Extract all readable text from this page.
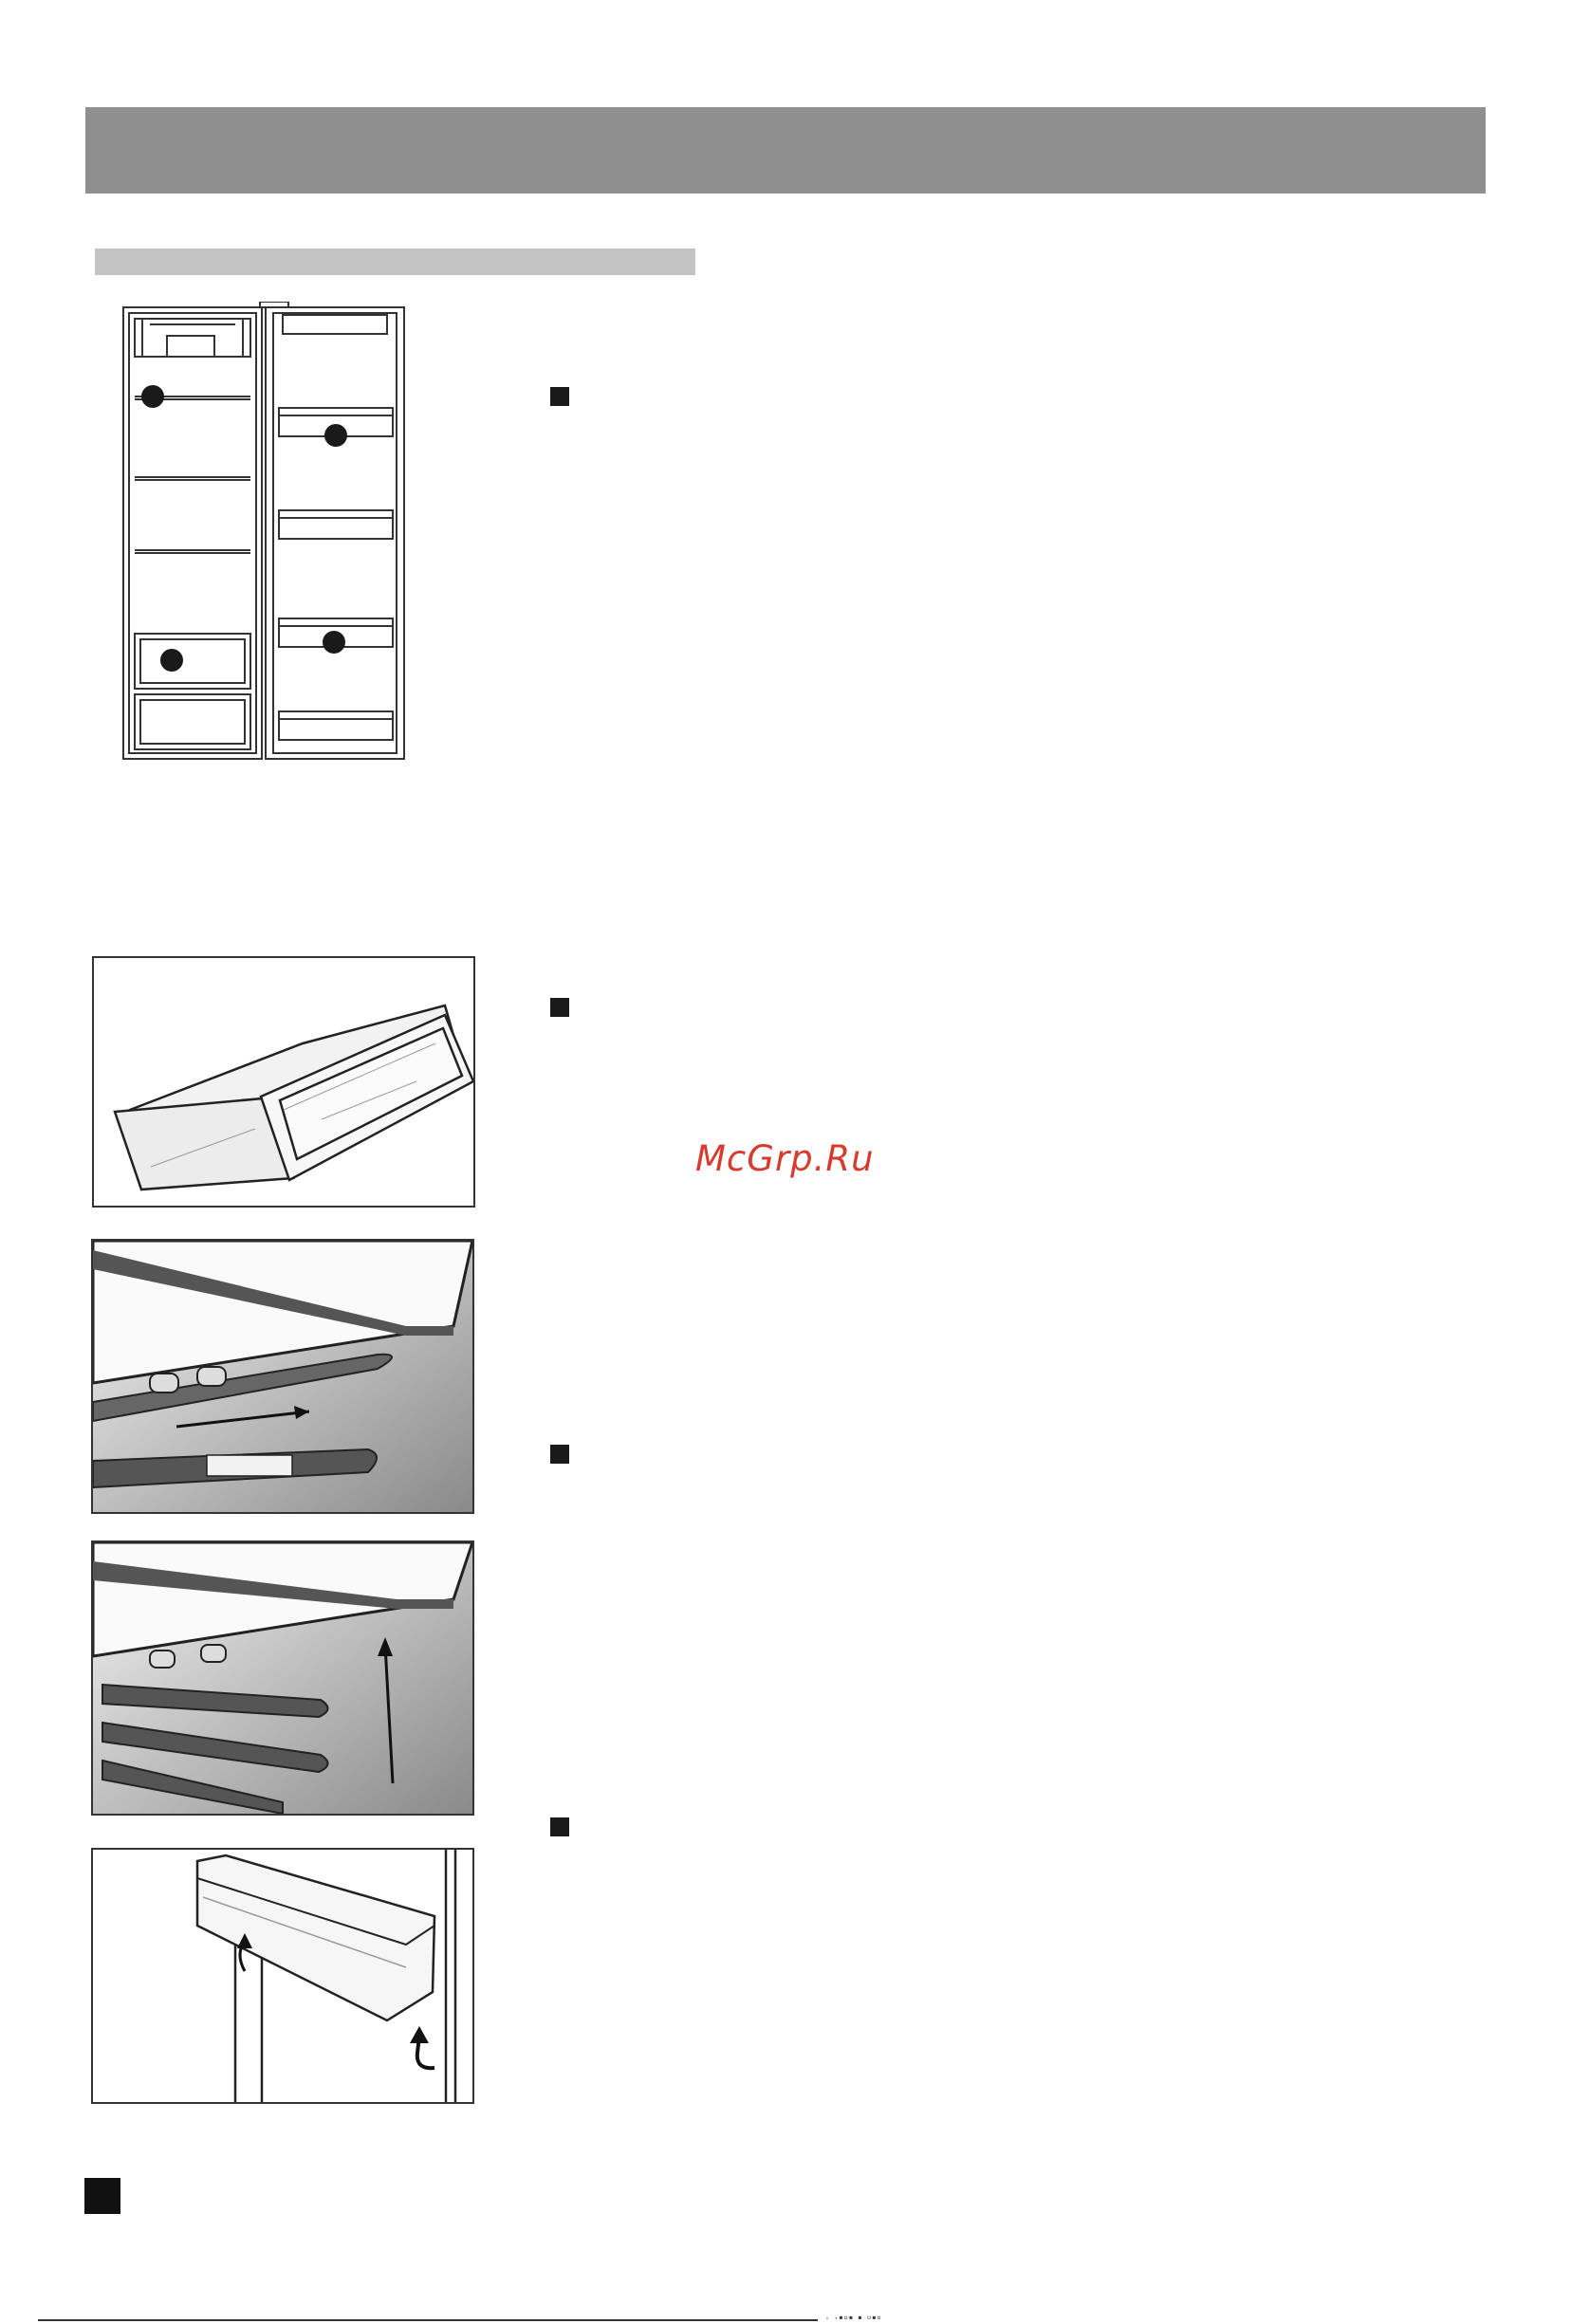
McGrp.Ru
· ·▪▫▪ ▪ ▫▪▫
